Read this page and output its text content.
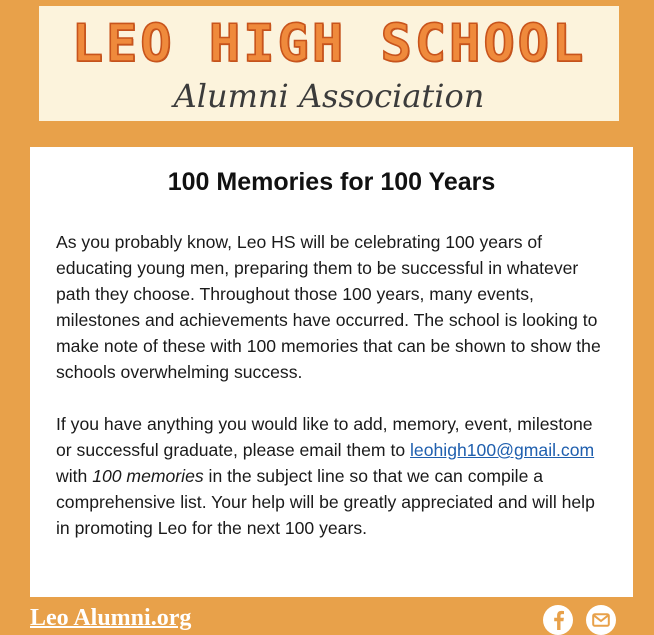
LEO HIGH SCHOOL
Alumni Association
100 Memories for 100 Years

As you probably know, Leo HS will be celebrating 100 years of educating young men, preparing them to be successful in whatever path they choose. Throughout those 100 years, many events, milestones and achievements have occurred. The school is looking to make note of these with 100 memories that can be shown to show the schools overwhelming success.

If you have anything you would like to add, memory, event, milestone or successful graduate, please email them to leohigh100@gmail.com with 100 memories in the subject line so that we can compile a comprehensive list. Your help will be greatly appreciated and will help in promoting Leo for the next 100 years.

Leo Alumni.org
